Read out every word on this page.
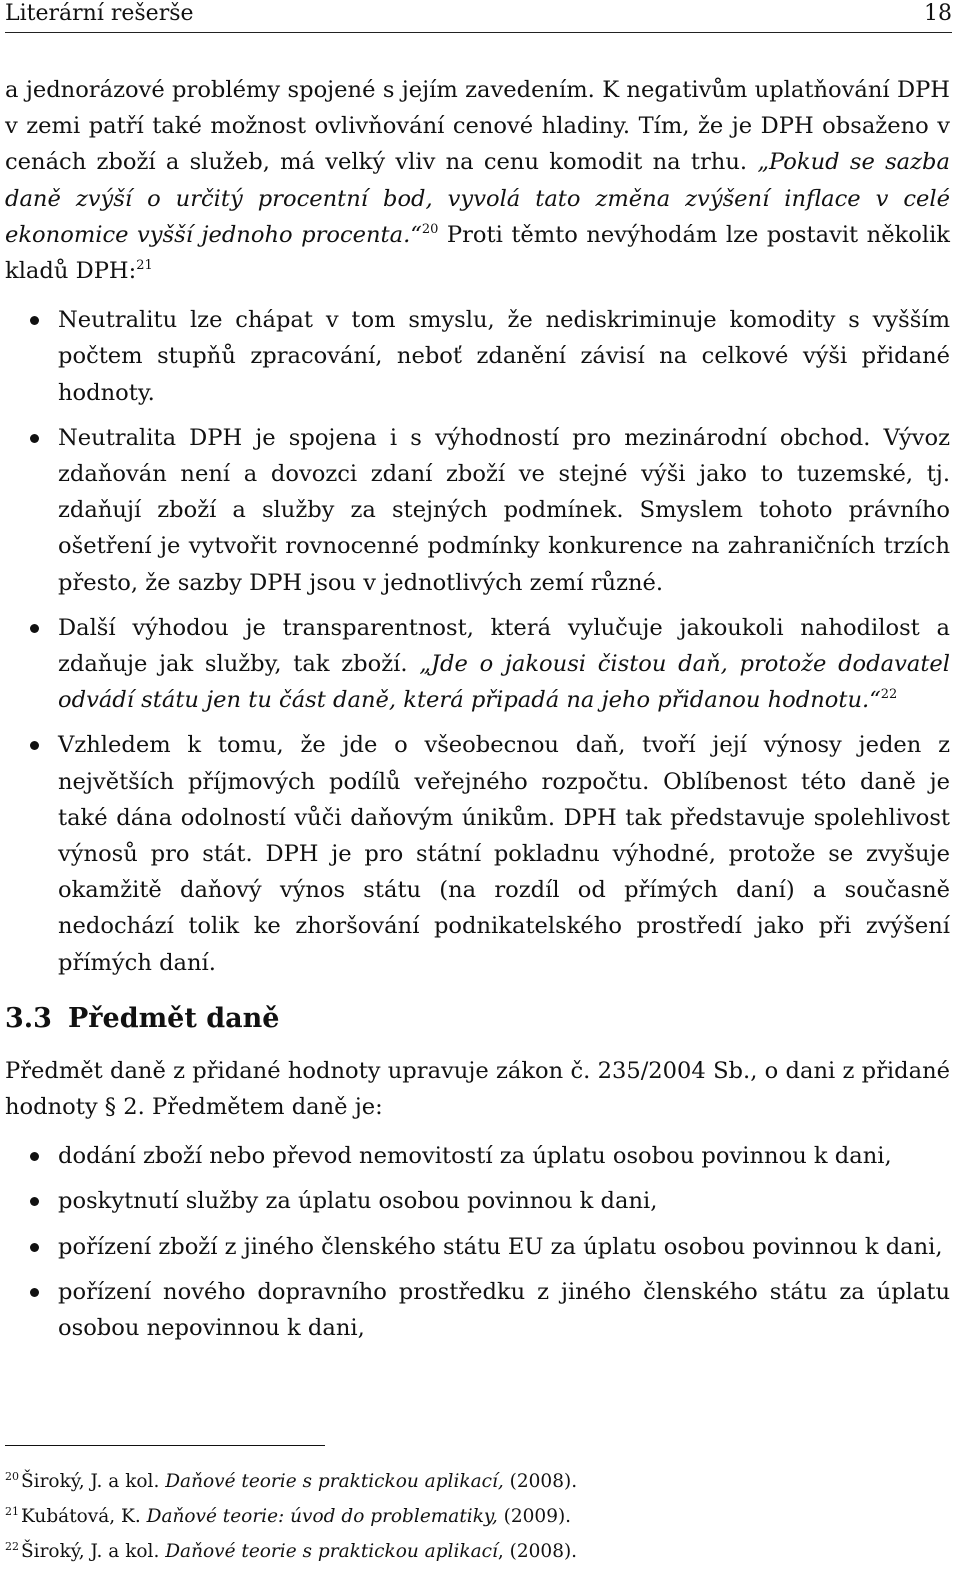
Literární rešerše	18

a jednorázové problémy spojené s jejím zavedením. K negativům uplatňování DPH v zemi patří také možnost ovlivňování cenové hladiny. Tím, že je DPH obsaženo v cenách zboží a služeb, má velký vliv na cenu komodit na trhu. „Pokud se sazba daně zvýší o určitý procentní bod, vyvolá tato změna zvýšení inflace v celé ekonomice vyšší jednoho procenta.“$^{20}$ Proti těmto nevýhodám lze postavit několik kladů DPH:$^{21}$

Neutralitu lze chápat v tom smyslu, že nediskriminuje komodity s vyšším počtem stupňů zpracování, neboť zdanění závisí na celkové výši přidané hodnoty.
Neutralita DPH je spojena i s výhodností pro mezinárodní obchod. Vývoz zdaňován není a dovozci zdaní zboží ve stejné výši jako to tuzemské, tj. zdaňují zboží a služby za stejných podmínek. Smyslem tohoto právního ošetření je vytvořit rovnocenné podmínky konkurence na zahraničních trzích přesto, že sazby DPH jsou v jednotlivých zemí různé.
Další výhodou je transparentnost, která vylučuje jakoukoli nahodilost a zdaňuje jak služby, tak zboží. „Jde o jakousi čistou daň, protože dodavatel odvádí státu jen tu část daně, která připadá na jeho přidanou hodnotu.“$^{22}$
Vzhledem k tomu, že jde o všeobecnou daň, tvoří její výnosy jeden z největších příjmových podílů veřejného rozpočtu. Oblíbenost této daně je také dána odolností vůči daňovým únikům. DPH tak představuje spolehlivost výnosů pro stát. DPH je pro státní pokladnu výhodné, protože se zvyšuje okamžitě daňový výnos státu (na rozdíl od přímých daní) a současně nedochází tolik ke zhoršování podnikatelského prostředí jako při zvýšení přímých daní.
3.3 Předmět daně

Předmět daně z přidané hodnoty upravuje zákon č. 235/2004 Sb., o dani z přidané hodnoty § 2. Předmětem daně je:

dodání zboží nebo převod nemovitostí za úplatu osobou povinnou k dani,
poskytnutí služby za úplatu osobou povinnou k dani,
pořízení zboží z jiného členského státu EU za úplatu osobou povinnou k dani,
pořízení nového dopravního prostředku z jiného členského státu za úplatu osobou nepovinnou k dani,
$^{20}$ Široký, J. a kol. Daňové teorie s praktickou aplikací, (2008).
$^{21}$ Kubátová, K. Daňové teorie: úvod do problematiky, (2009).
$^{22}$ Široký, J. a kol. Daňové teorie s praktickou aplikací, (2008).
